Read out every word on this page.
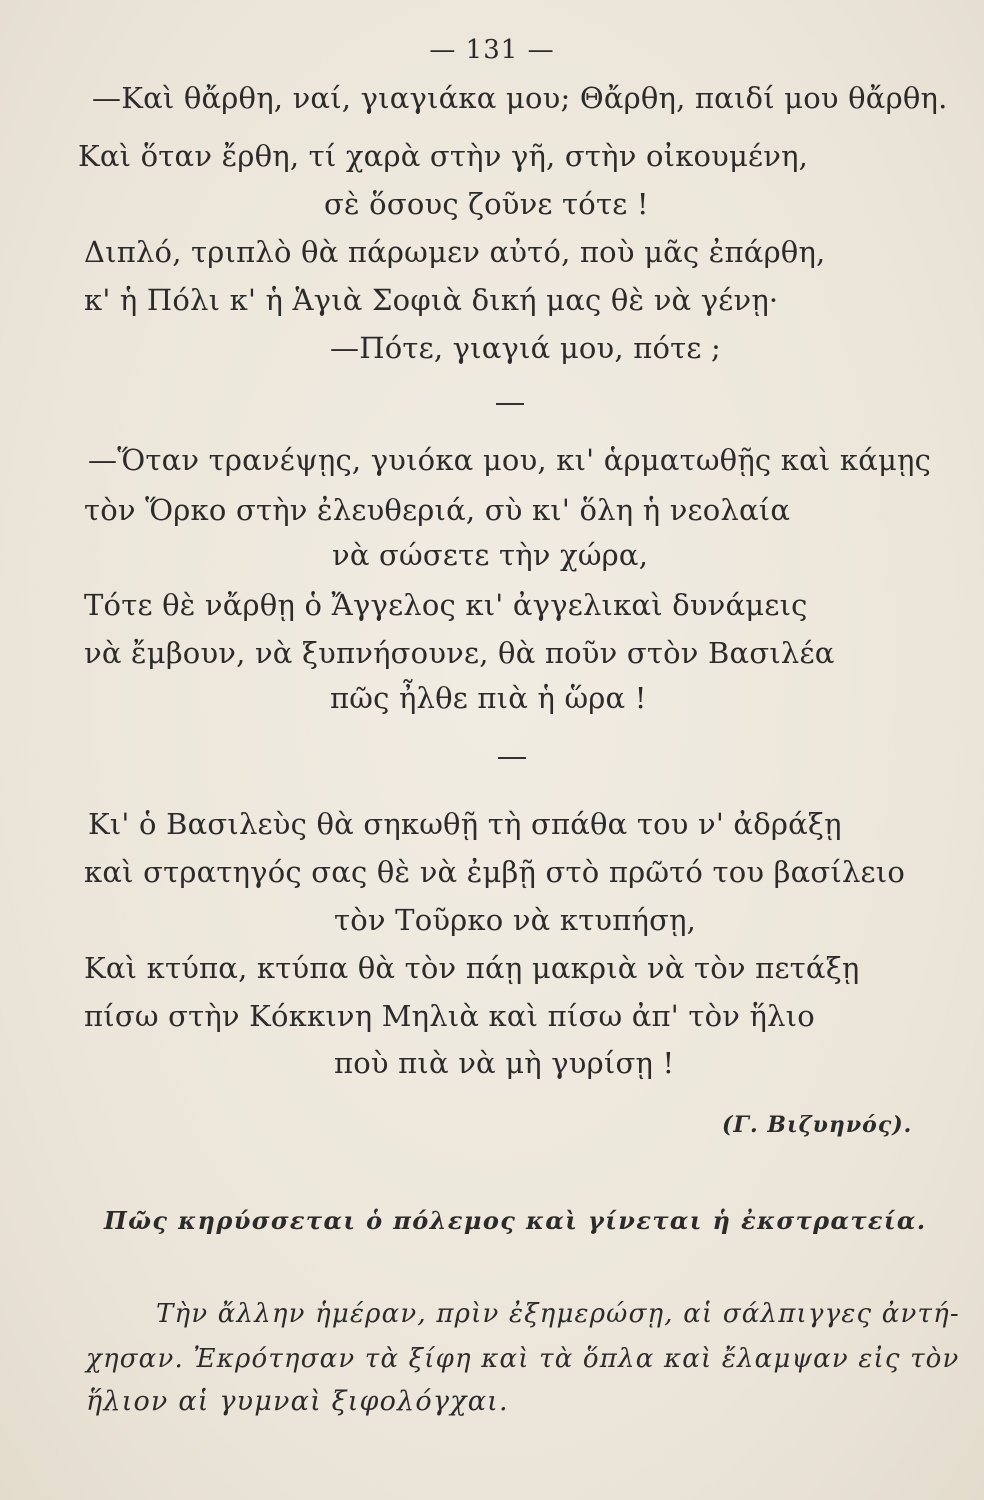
— 131 —
—Καὶ θἄρθη, ναί, γιαγιάκα μου; Θἄρθη, παιδί μου θἄρθη.
Καὶ ὅταν ἔρθη, τί χαρὰ στὴν γῆ, στὴν οἰκουμένη,
σὲ ὅσους ζοῦνε τότε !
Διπλό, τριπλὸ θὰ πάρωμεν αὐτό, ποὺ μᾶς ἐπάρθη,
κ' ἡ Πόλι κ' ἡ Ἁγιὰ Σοφιὰ δική μας θὲ νὰ γένῃ·
—Πότε, γιαγιά μου, πότε ;
—Ὅταν τρανέψῃς, γυιόκα μου, κι' ἁρματωθῇς καὶ κάμῃς
τὸν Ὅρκο στὴν ἐλευθεριά, σὺ κι' ὅλη ἡ νεολαία
νὰ σώσετε τὴν χώρα,
Τότε θὲ νἄρθῃ ὁ Ἄγγελος κι' ἀγγελικαὶ δυνάμεις
νὰ ἔμβουν, νὰ ξυπνήσουνε, θὰ ποῦν στὸν Βασιλέα
πῶς ἦλθε πιὰ ἡ ὥρα !
Κι' ὁ Βασιλεὺς θὰ σηκωθῇ τὴ σπάθα του ν' ἀδράξῃ
καὶ στρατηγός σας θὲ νὰ ἐμβῇ στὸ πρῶτό του βασίλειο
τὸν Τοῦρκο νὰ κτυπήσῃ,
Καὶ κτύπα, κτύπα θὰ τὸν πάῃ μακριὰ νὰ τὸν πετάξῃ
πίσω στὴν Κόκκινη Μηλιὰ καὶ πίσω ἀπ' τὸν ἥλιο
ποὺ πιὰ νὰ μὴ γυρίσῃ !
(Γ. Βιζυηνός).
Πῶς κηρύσσεται ὁ πόλεμος καὶ γίνεται ἡ ἐκστρατεία.
Τὴν ἄλλην ἡμέραν, πρὶν ἐξημερώσῃ, αἱ σάλπιγγες ἀντή-
χησαν. Ἐκρότησαν τὰ ξίφη καὶ τὰ ὅπλα καὶ ἔλαμψαν εἰς τὸν
ἥλιον αἱ γυμναὶ ξιφολόγχαι.
